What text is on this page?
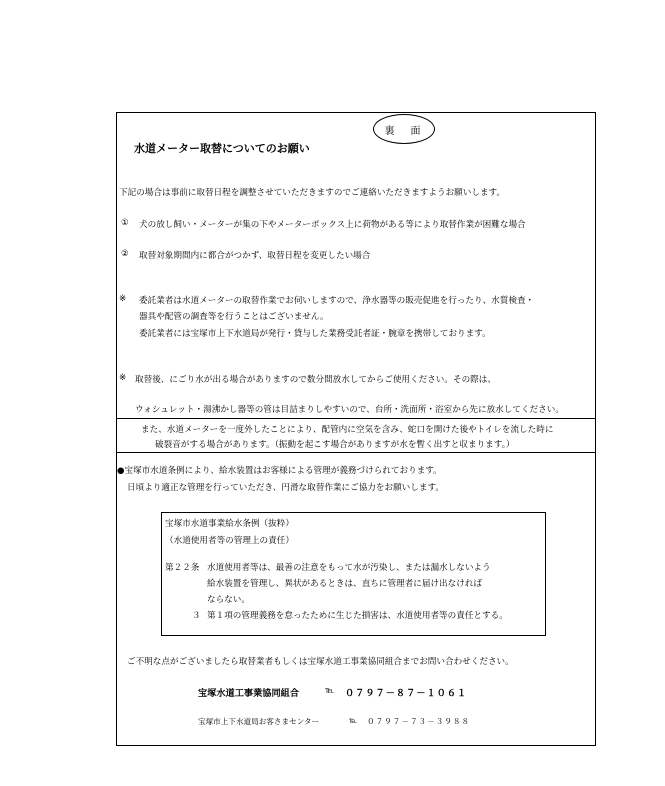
裏　面
水道メーター取替についてのお願い
下記の場合は事前に取替日程を調整させていただきますのでご連絡いただきますようお願いします。
① 犬の放し飼い・メーターが集の下やメーターボックス上に荷物がある等により取替作業が困難な場合
② 取替対象期間内に都合がつかず、取替日程を変更したい場合
※ 委託業者は水道メーターの取替作業でお伺いしますので、浄水器等の販売促進を行ったり、水質検査・
器具や配管の調査等を行うことはございません。
委託業者には宝塚市上下水道局が発行・貸与した業務受託者証・腕章を携帯しております。
※ 取替後、にごり水が出る場合がありますので数分間放水してからご使用ください。その際は、
ウォシュレット・湯沸かし器等の管は目詰まりしやすいので、台所・洗面所・浴室から先に放水してください。
また、水道メーターを一度外したことにより、配管内に空気を含み、蛇口を開けた後やトイレを流した時に
破裂音がする場合があります。（振動を起こす場合がありますが水を暫く出すと収まります。）
●宝塚市水道条例により、給水装置はお客様による管理が義務づけられております。
日頃より適正な管理を行っていただき、円滑な取替作業にご協力をお願いします。
宝塚市水道事業給水条例（抜粋）
（水道使用者等の管理上の責任）
第２２条 水道使用者等は、最善の注意をもって水が汚染し、または漏水しないよう
給水装置を管理し、異状があるときは、直ちに管理者に届け出なければ
ならない。
３ 第１項の管理義務を怠ったために生じた損害は、水道使用者等の責任とする。
ご不明な点がございましたら取替業者もしくは宝塚水道工事業協同組合までお問い合わせください。
宝塚水道工事業協同組合	℡ ０７９７－８７－１０６１
宝塚市上下水道局お客さまセンター	℡ ０７９７－７３－３９８８
